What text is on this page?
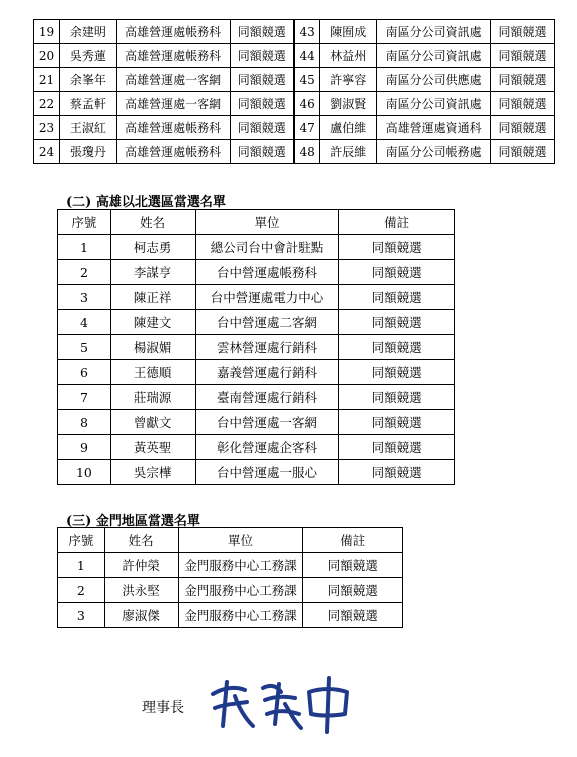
19	余建明	高雄營運處帳務科	同額競選	43	陳囿成	南區分公司資訊處	同額競選
20	吳秀蓮	高雄營運處帳務科	同額競選	44	林益州	南區分公司資訊處	同額競選
21	余峯年	高雄營運處一客網	同額競選	45	許寧容	南區分公司供應處	同額競選
22	蔡孟軒	高雄營運處一客網	同額競選	46	劉淑賢	南區分公司資訊處	同額競選
23	王淑紅	高雄營運處帳務科	同額競選	47	盧伯維	高雄營運處資通科	同額競選
24	張瓊丹	高雄營運處帳務科	同額競選	48	許辰維	南區分公司帳務處	同額競選
(二) 高雄以北選區當選名單
序號	姓名	單位	備註
1	柯志勇	總公司台中會計駐點	同額競選
2	李謀亨	台中營運處帳務科	同額競選
3	陳正祥	台中營運處電力中心	同額競選
4	陳建文	台中營運處二客網	同額競選
5	楊淑媚	雲林營運處行銷科	同額競選
6	王德順	嘉義營運處行銷科	同額競選
7	莊瑞源	臺南營運處行銷科	同額競選
8	曾獻文	台中營運處一客網	同額競選
9	黃英聖	彰化營運處企客科	同額競選
10	吳宗樺	台中營運處一服心	同額競選
(三) 金門地區當選名單
序號	姓名	單位	備註
1	許仲榮	金門服務中心工務課	同額競選
2	洪永堅	金門服務中心工務課	同額競選
3	廖淑傑	金門服務中心工務課	同額競選
理事長
